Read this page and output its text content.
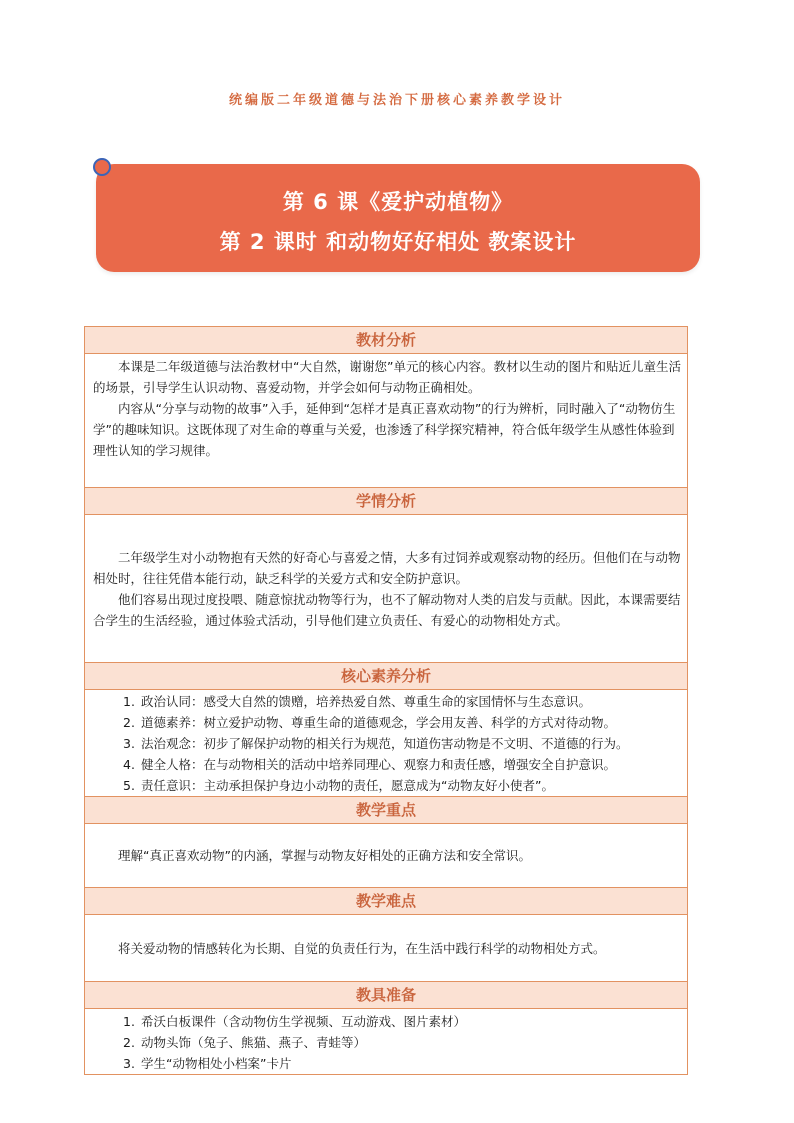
统编版二年级道德与法治下册核心素养教学设计
第 6 课《爱护动植物》
第 2 课时 和动物好好相处 教案设计
教材分析

本课是二年级道德与法治教材中“大自然，谢谢您”单元的核心内容。教材以生动的图片和贴近儿童生活的场景，引导学生认识动物、喜爱动物，并学会如何与动物正确相处。

内容从“分享与动物的故事”入手，延伸到“怎样才是真正喜欢动物”的行为辨析，同时融入了“动物仿生学”的趣味知识。这既体现了对生命的尊重与关爱，也渗透了科学探究精神，符合低年级学生从感性体验到理性认知的学习规律。

学情分析

二年级学生对小动物抱有天然的好奇心与喜爱之情，大多有过饲养或观察动物的经历。但他们在与动物相处时，往往凭借本能行动，缺乏科学的关爱方式和安全防护意识。

他们容易出现过度投喂、随意惊扰动物等行为，也不了解动物对人类的启发与贡献。因此，本课需要结合学生的生活经验，通过体验式活动，引导他们建立负责任、有爱心的动物相处方式。

核心素养分析
1. 政治认同：感受大自然的馈赠，培养热爱自然、尊重生命的家国情怀与生态意识。
2. 道德素养：树立爱护动物、尊重生命的道德观念，学会用友善、科学的方式对待动物。
3. 法治观念：初步了解保护动物的相关行为规范，知道伤害动物是不文明、不道德的行为。
4. 健全人格：在与动物相关的活动中培养同理心、观察力和责任感，增强安全自护意识。
5. 责任意识：主动承担保护身边小动物的责任，愿意成为“动物友好小使者”。
教学重点

理解“真正喜欢动物”的内涵，掌握与动物友好相处的正确方法和安全常识。

教学难点

将关爱动物的情感转化为长期、自觉的负责任行为，在生活中践行科学的动物相处方式。

教具准备
1. 希沃白板课件（含动物仿生学视频、互动游戏、图片素材）
2. 动物头饰（兔子、熊猫、燕子、青蛙等）
3. 学生“动物相处小档案”卡片
